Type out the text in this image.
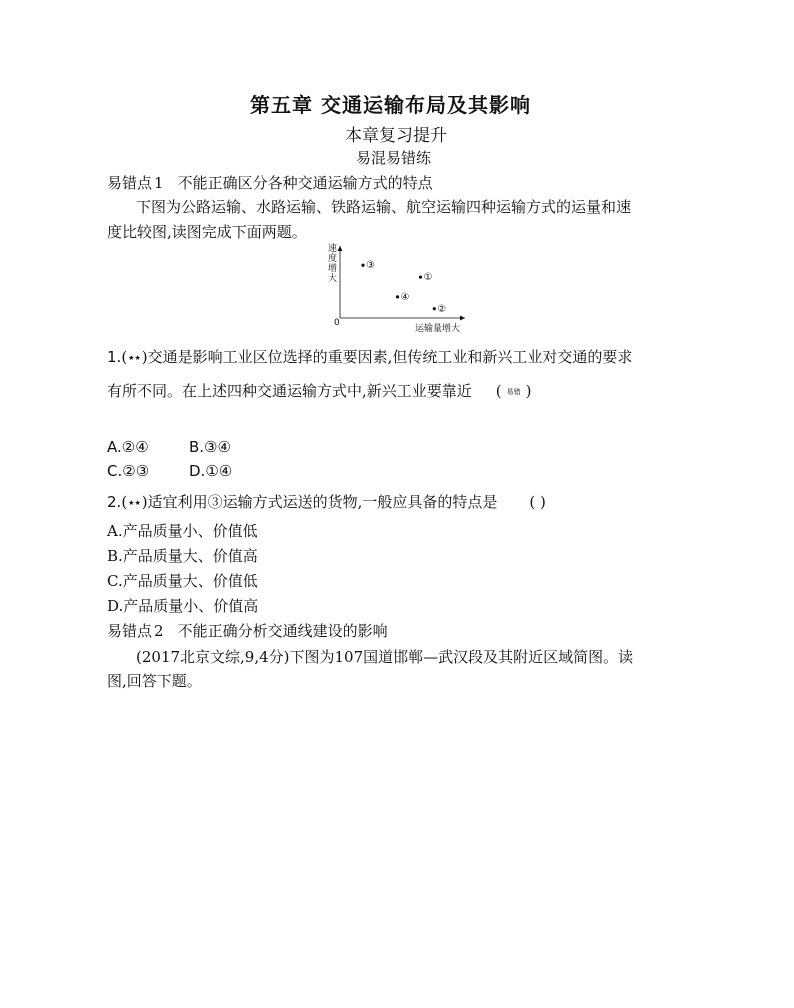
第五章 交通运输布局及其影响
本章复习提升
易混易错练
易错点 1 不能正确区分各种交通运输方式的特点
下图为公路运输、水路运输、铁路运输、航空运输四种运输方式的运量和速
度比较图,读图完成下面两题。
③
①
④
②
速度增大
运输量增大
0
1.(★★)交通是影响工业区位选择的重要因素,但传统工业和新兴工业对交通的要求
有所不同。在上述四种交通运输方式中,新兴工业要靠近 ( 易错 )
A.②④	B.③④
C.②③	D.①④
2.(★★)适宜利用③运输方式运送的货物,一般应具备的特点是 ( )
A.产品质量小、价值低
B.产品质量大、价值高
C.产品质量大、价值低
D.产品质量小、价值高
易错点 2 不能正确分析交通线建设的影响
(2017北京文综,9,4分)下图为107国道邯郸—武汉段及其附近区域简图。读
图,回答下题。
